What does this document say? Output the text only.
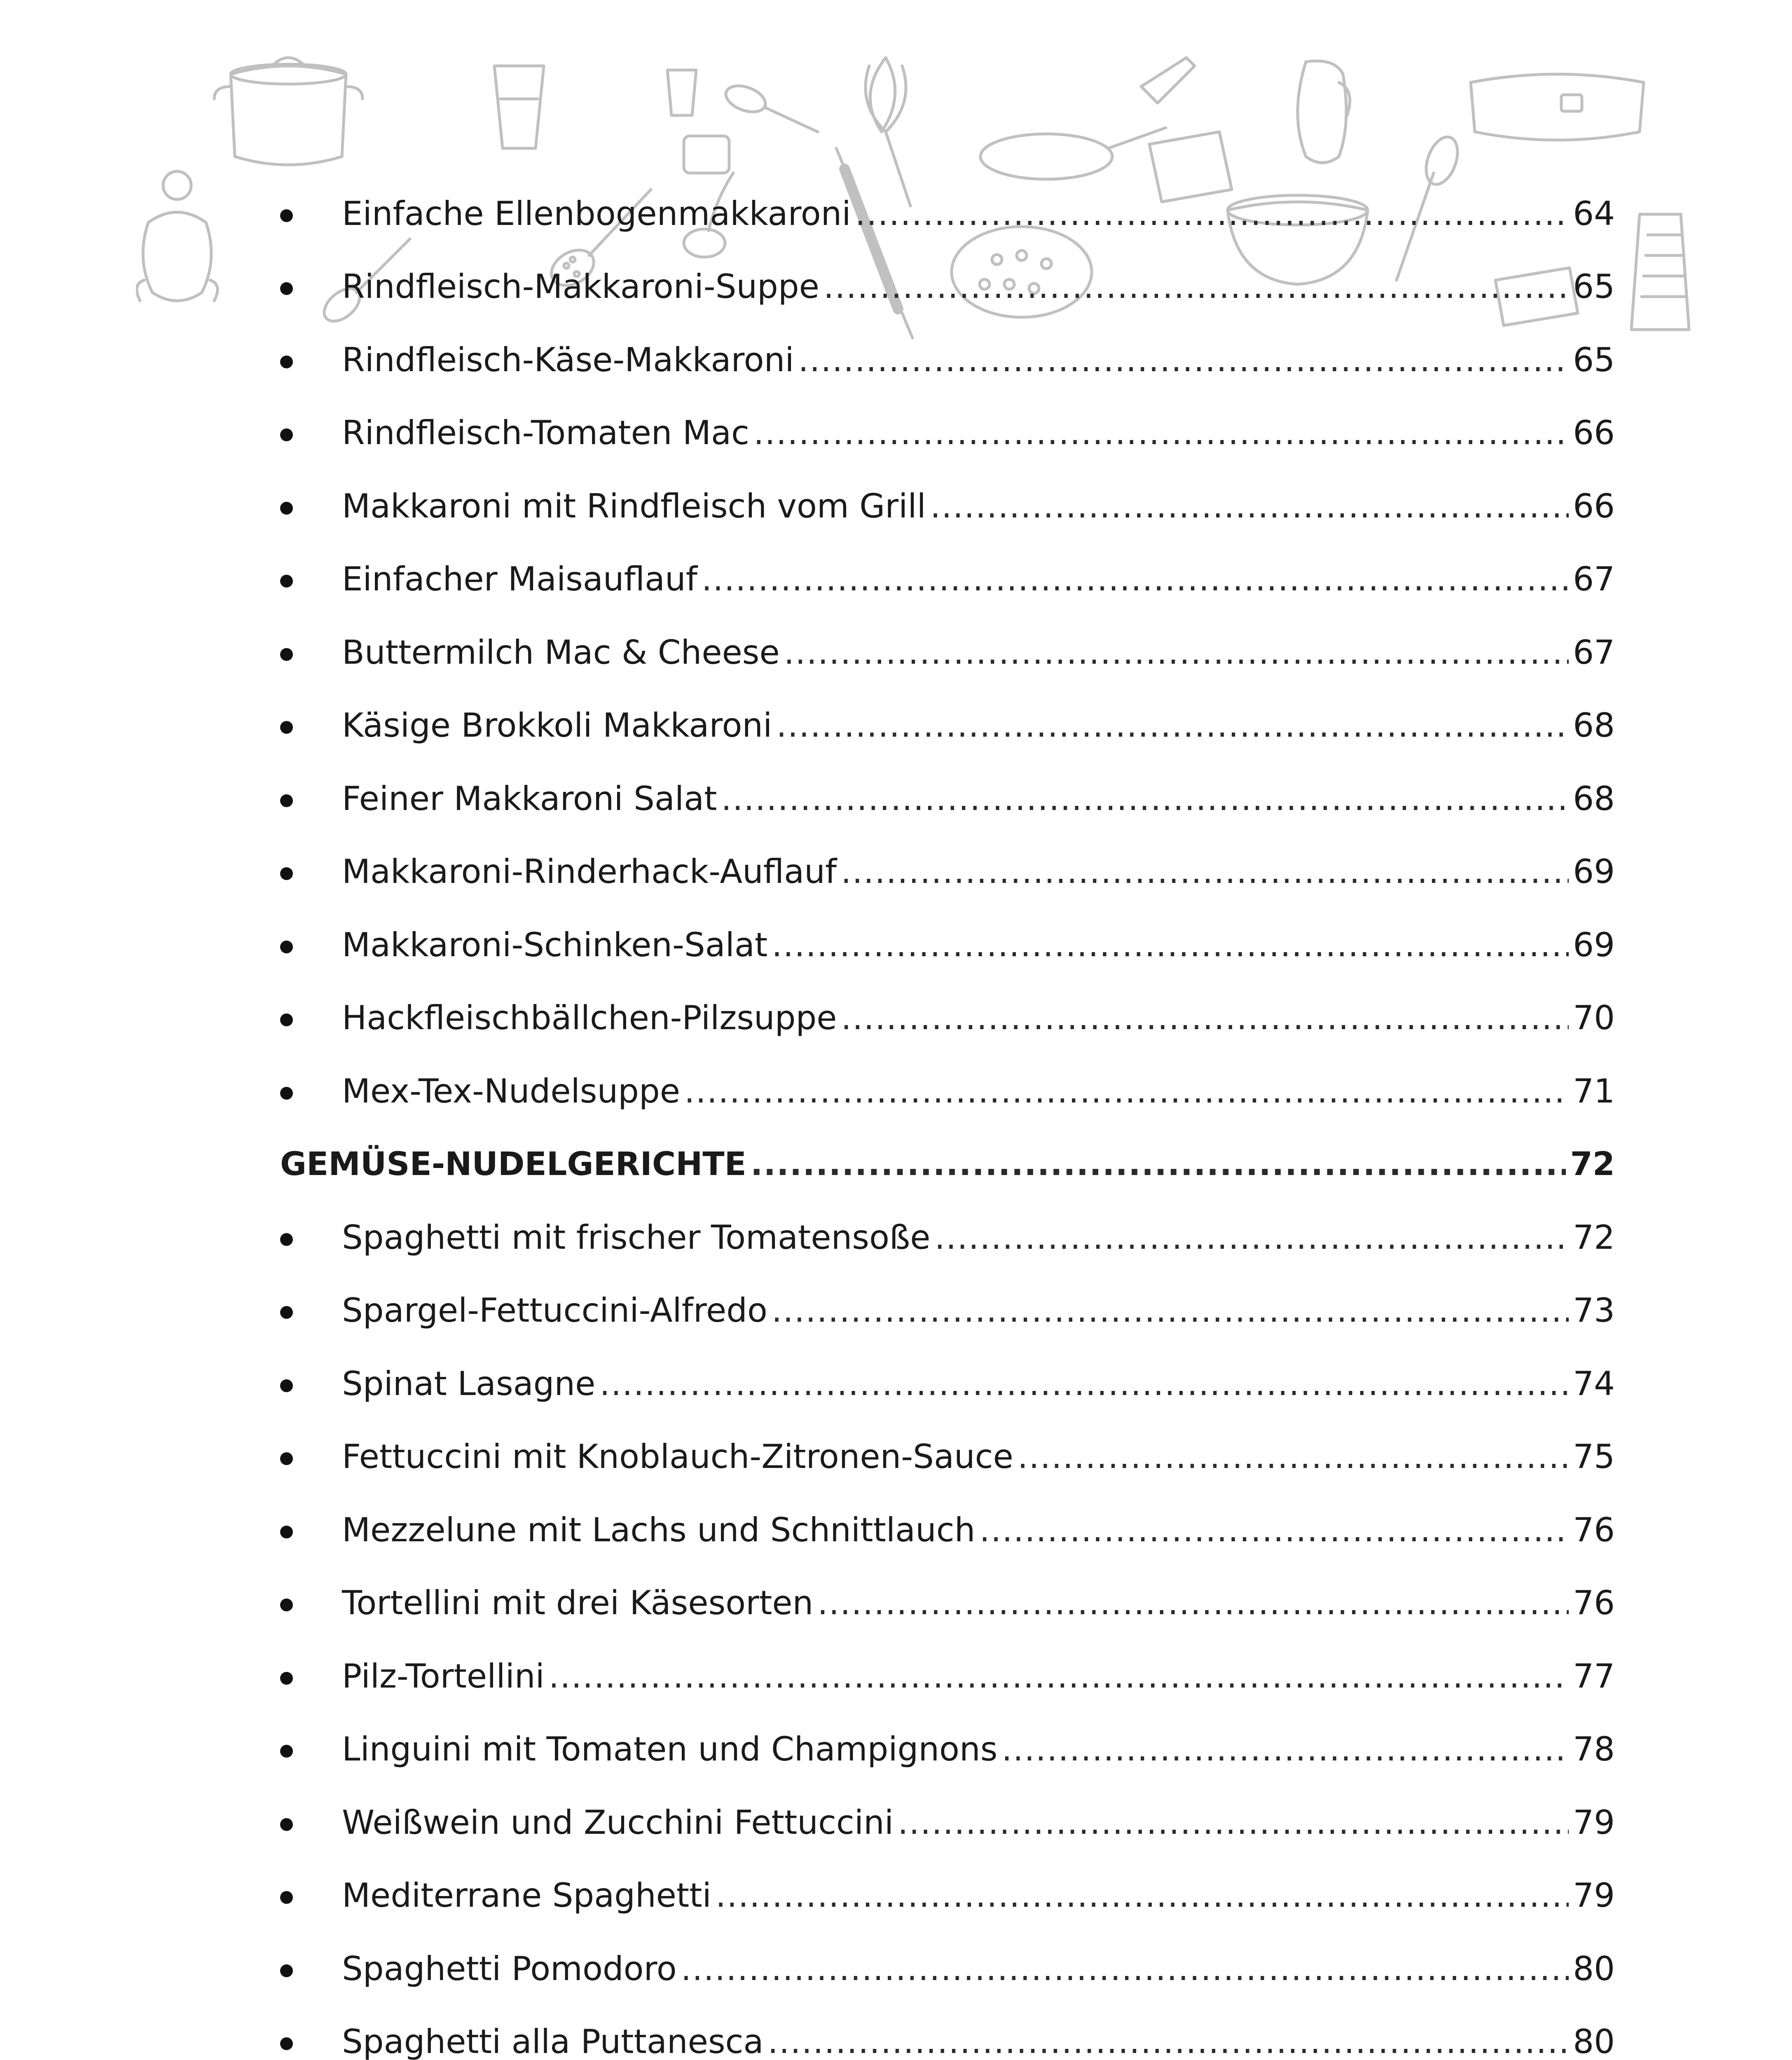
Einfache Ellenbogenmakkaroni .....	64
Rindfleisch-Makkaroni-Suppe .....	65
Rindfleisch-Käse-Makkaroni .....	65
Rindfleisch-Tomaten Mac .....	66
Makkaroni mit Rindfleisch vom Grill .....	66
Einfacher Maisauflauf .....	67
Buttermilch Mac & Cheese .....	67
Käsige Brokkoli Makkaroni .....	68
Feiner Makkaroni Salat .....	68
Makkaroni-Rinderhack-Auflauf .....	69
Makkaroni-Schinken-Salat .....	69
Hackfleischbällchen-Pilzsuppe .....	70
Mex-Tex-Nudelsuppe .....	71
GEMÜSE-NUDELGERICHTE .....	72
Spaghetti mit frischer Tomatensoße .....	72
Spargel-Fettuccini-Alfredo .....	73
Spinat Lasagne .....	74
Fettuccini mit Knoblauch-Zitronen-Sauce .....	75
Mezzelune mit Lachs und Schnittlauch .....	76
Tortellini mit drei Käsesorten .....	76
Pilz-Tortellini .....	77
Linguini mit Tomaten und Champignons .....	78
Weißwein und Zucchini Fettuccini .....	79
Mediterrane Spaghetti .....	79
Spaghetti Pomodoro .....	80
Spaghetti alla Puttanesca .....	80
